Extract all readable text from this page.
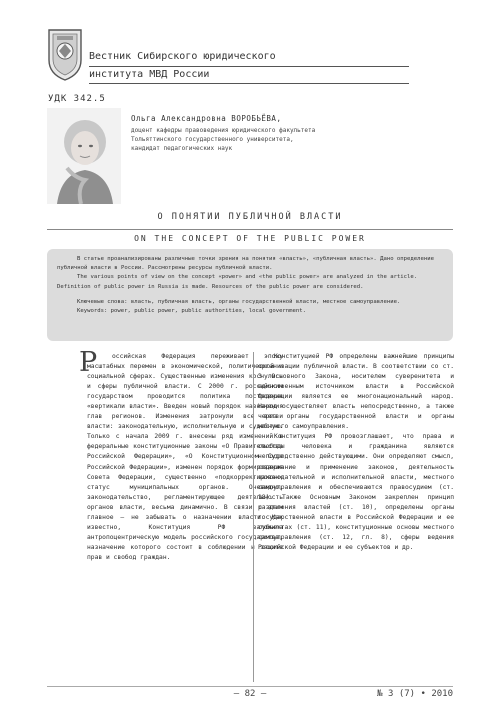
Вестник Сибирского юридического
института МВД России
УДК 342.5
Ольга Александровна ВОРОБЬЁВА,
доцент кафедры правоведения юридического факультета
Тольяттинского государственного университета,
кандидат педагогических наук
О ПОНЯТИИ ПУБЛИЧНОЙ ВЛАСТИ
ON THE CONCEPT OF THE PUBLIC POWER

В статье проанализированы различные точки зрения на понятия «власть», «публичная власть». Дано определение публичной власти в России. Рассмотрены ресурсы публичной власти.

The various points of view on the concept «power» and «the public power» are analyzed in the article. Definition of public power in Russia is made. Resources of the public power are considered.

Ключевые слова: власть, публичная власть, органы государственной власти, местное самоуправление.

Keywords: power, public power, public authorities, local government.

Р	оссийская Федерация переживает эпоху масштабных перемен в экономической, политической и социальной сферах. Существенные изменения коснулись и сферы публичной власти. С 2000 г. российским государством проводится политика построения «вертикали власти». Введен новый порядок назначения глав регионов. Изменения затронули все ветви власти: законодательную, исполнительную и судебную. Только с начала 2009 г. внесены ряд изменений в федеральные конституционные законы «О Правительстве Российской Федерации», «О Конституционном Суде Российской Федерации», изменен порядок формирования Совета Федерации, существенно «подкорректирован» статус муниципальных органов. Очевидно, законодательство, регламентирующее деятельность органов власти, весьма динамично. В связи с этим главное – не забывать о назначении власти. Как известно, Конституция РФ заложила антропоцентрическую модель российского государства, назначение которого состоит в соблюдении и защите прав и свобод граждан.

Конституцией РФ определены важнейшие принципы организации публичной власти. В соответствии со ст. 3 Основного Закона, носителем суверенитета и единственным источником власти в Российской Федерации является ее многонациональный народ. Народ осуществляет власть непосредственно, а также через органы государственной власти и органы местного самоуправления.

Конституция РФ провозглашает, что права и свободы человека и гражданина являются непосредственно действующими. Они определяют смысл, содержание и применение законов, деятельность законодательной и исполнительной власти, местного самоуправления и обеспечиваются правосудием (ст. 18). Также Основным Законом закреплен принцип разделения властей (ст. 10), определены органы государственной власти в Российской Федерации и ее субъектах (ст. 11), конституционные основы местного самоуправления (ст. 12, гл. 8), сферы ведения Российской Федерации и ее субъектов и др.

– 82 –	№ 3 (7) • 2010
